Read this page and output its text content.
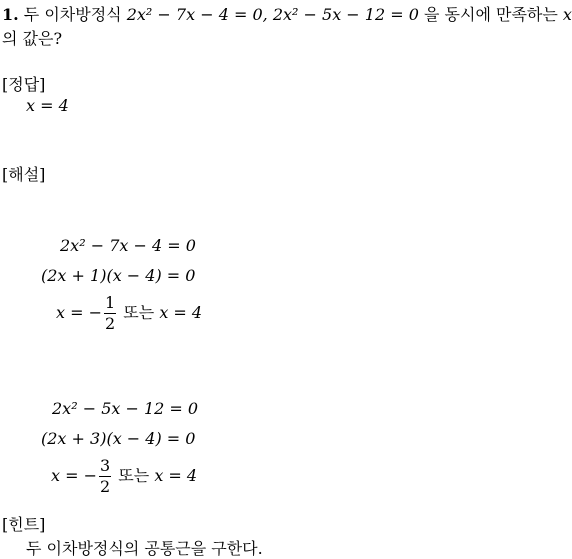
1. 두 이차방정식 2x² − 7x − 4 = 0, 2x² − 5x − 12 = 0 을 동시에 만족하는 x
의 값은?
[정답]
x = 4
[해설]
2x² − 7x − 4 = 0
(2x + 1)(x − 4) = 0
x = − $\frac{1}{2}$ 또는 x = 4
2x² − 5x − 12 = 0
(2x + 3)(x − 4) = 0
x = − $\frac{3}{2}$ 또는 x = 4
[힌트]
두 이차방정식의 공통근을 구한다.
